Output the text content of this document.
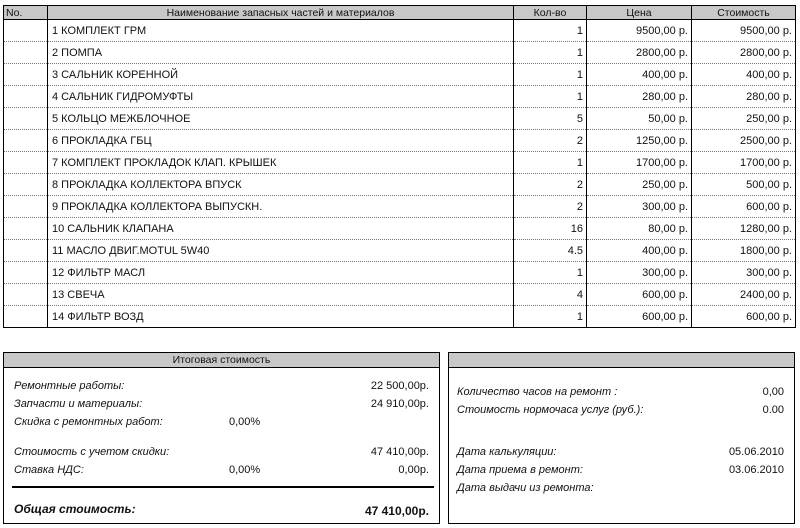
No.	Наименование запасных частей и материалов	Кол-во	Цена	Стоимость
	1 КОМПЛЕКТ ГРМ	1	9500,00 р.	9500,00 р.
	2 ПОМПА	1	2800,00 р.	2800,00 р.
	3 САЛЬНИК КОРЕННОЙ	1	400,00 р.	400,00 р.
	4 САЛЬНИК ГИДРОМУФТЫ	1	280,00 р.	280,00 р.
	5 КОЛЬЦО МЕЖБЛОЧНОЕ	5	50,00 р.	250,00 р.
	6 ПРОКЛАДКА ГБЦ	2	1250,00 р.	2500,00 р.
	7 КОМПЛЕКТ ПРОКЛАДОК КЛАП. КРЫШЕК	1	1700,00 р.	1700,00 р.
	8 ПРОКЛАДКА КОЛЛЕКТОРА ВПУСК	2	250,00 р.	500,00 р.
	9 ПРОКЛАДКА КОЛЛЕКТОРА ВЫПУСКН.	2	300,00 р.	600,00 р.
	10 САЛЬНИК КЛАПАНА	16	80,00 р.	1280,00 р.
	11 МАСЛО ДВИГ.MOTUL 5W40	4.5	400,00 р.	1800,00 р.
	12 ФИЛЬТР МАСЛ	1	300,00 р.	300,00 р.
	13 СВЕЧА	4	600,00 р.	2400,00 р.
	14 ФИЛЬТР ВОЗД	1	600,00 р.	600,00 р.
Итоговая стоимость
Ремонтные работы:	22 500,00р.
Запчасти и материалы:	24 910,00р.
Скидка с ремонтных работ:	0,00%
Стоимость с учетом скидки:	47 410,00р.
Ставка НДС:	0,00%	0,00р.
Общая стоимость:	47 410,00р.
Количество часов на ремонт :	0,00
Стоимость нормочаса услуг (руб.):	0.00
Дата калькуляции:	05.06.2010
Дата приема в ремонт:	03.06.2010
Дата выдачи из ремонта:
